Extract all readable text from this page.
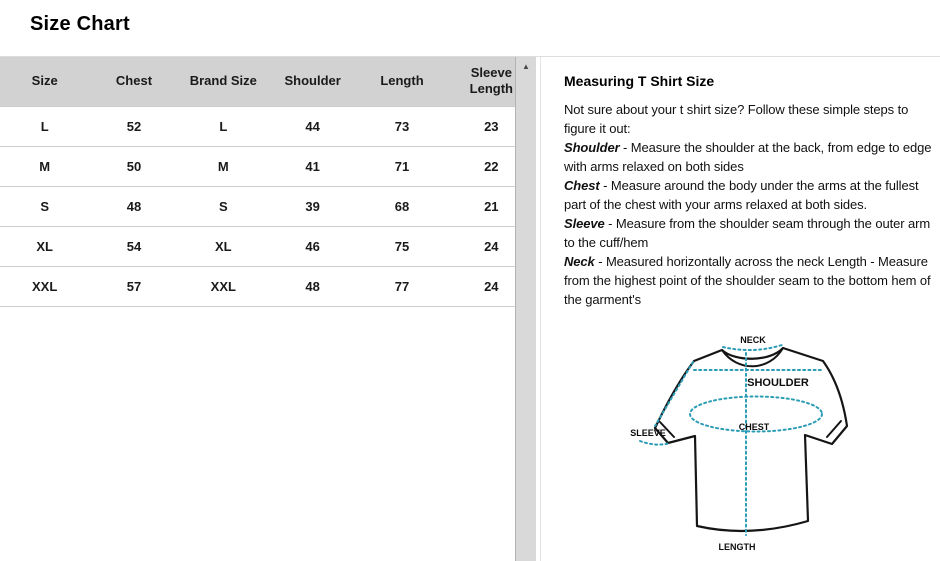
Size Chart
Size	Chest	Brand Size	Shoulder	Length	Sleeve Length
L	52	L	44	73	23
M	50	M	41	71	22
S	48	S	39	68	21
XL	54	XL	46	75	24
XXL	57	XXL	48	77	24
▲
Measuring T Shirt Size
Not sure about your t shirt size? Follow these simple steps to figure it out:
Shoulder - Measure the shoulder at the back, from edge to edge with arms relaxed on both sides
Chest - Measure around the body under the arms at the fullest part of the chest with your arms relaxed at both sides.
Sleeve - Measure from the shoulder seam through the outer arm to the cuff/hem
Neck - Measured horizontally across the neck Length - Measure from the highest point of the shoulder seam to the bottom hem of the garment's
NECK
SHOULDER
SLEEVE
CHEST
LENGTH
